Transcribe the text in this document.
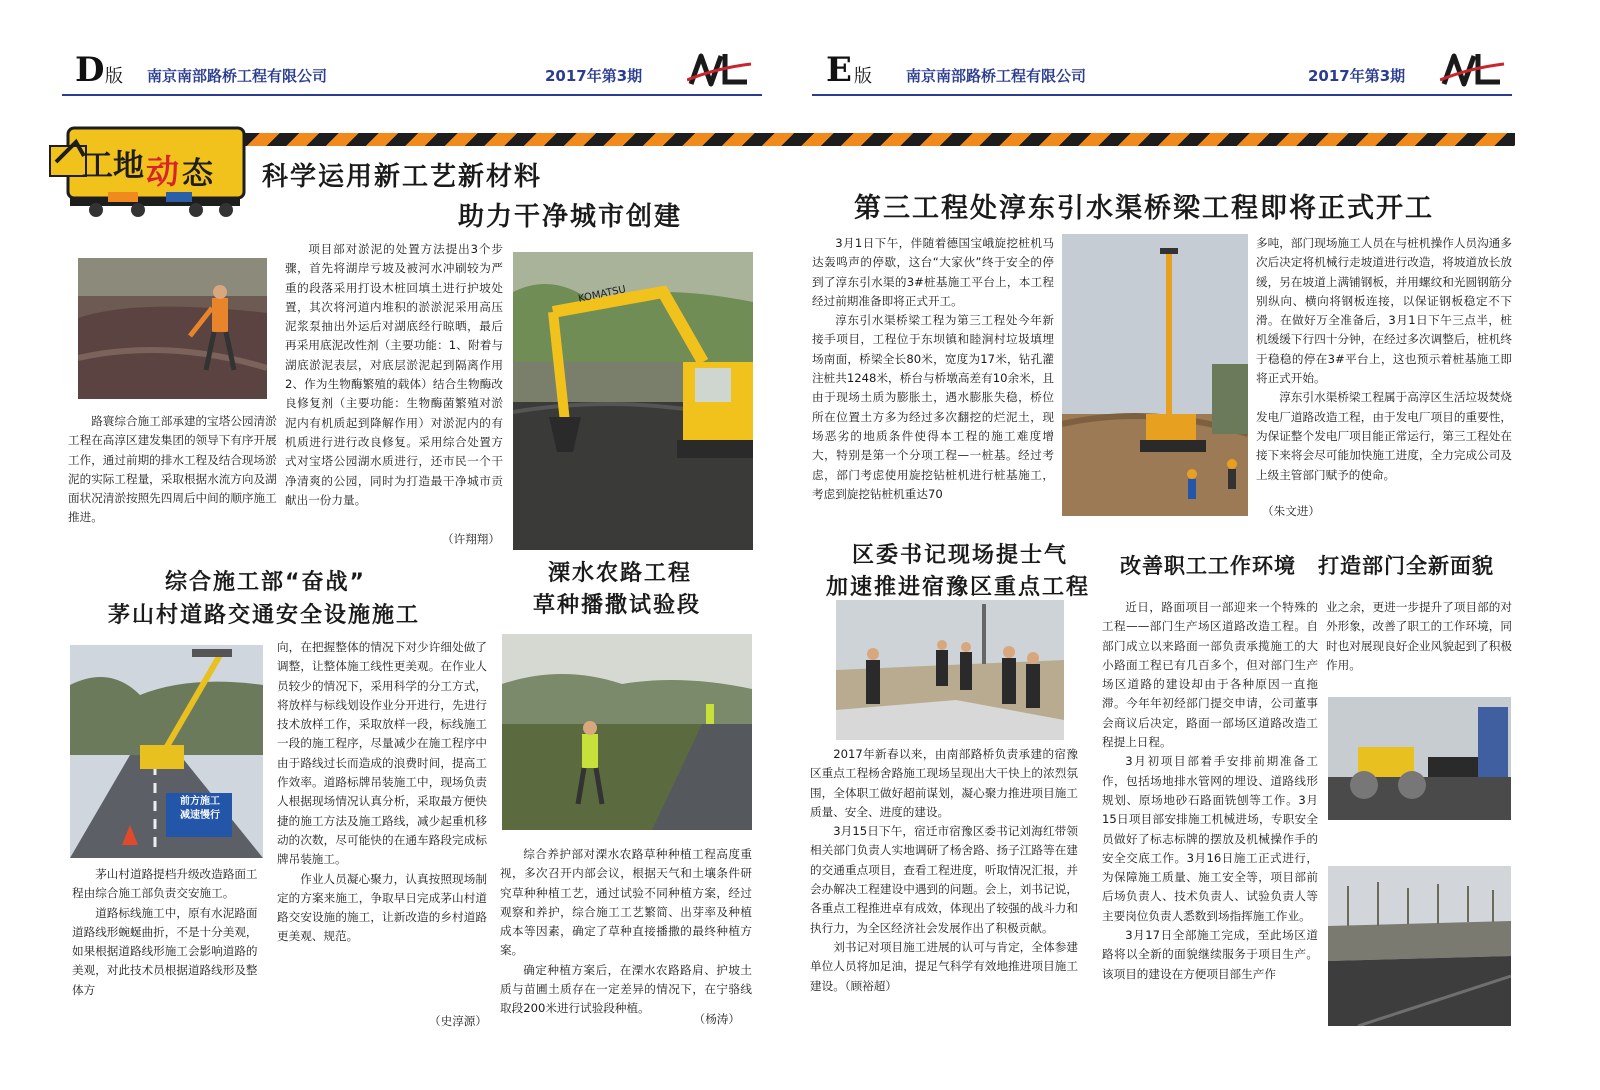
D 版 南京南部路桥工程有限公司	2017年第3期
工地 动 态 科学运用新工艺新材料
助力干净城市创建

路寰综合施工部承建的宝塔公园清淤工程在高淳区建发集团的领导下有序开展工作，通过前期的排水工程及结合现场淤泥的实际工程量，采取根据水流方向及湖面状况清淤按照先四周后中间的顺序施工推进。

项目部对淤泥的处置方法提出3个步骤，首先将湖岸亏坡及被河水冲刷较为严重的段落采用打设木桩回填土进行护坡处置，其次将河道内堆积的淤淤泥采用高压泥浆泵抽出外运后对湖底经行晾晒，最后再采用底泥改性剂（主要功能：1、附着与湖底淤泥表层，对底层淤泥起到隔离作用2、作为生物酶繁殖的载体）结合生物酶改良修复剂（主要功能：生物酶菌繁殖对淤泥内有机质起到降解作用）对淤泥内的有机质进行进行改良修复。采用综合处置方式对宝塔公园湖水质进行，还市民一个干净清爽的公园，同时为打造最干净城市贡献出一份力量。

（许翔翔）
KOMATSU
综合施工部“奋战”
茅山村道路交通安全设施施工
前方施工
减速慢行

茅山村道路提档升级改造路面工程由综合施工部负责交安施工。

道路标线施工中，原有水泥路面道路线形蜿蜒曲折，不是十分美观，如果根据道路线形施工会影响道路的美观，对此技术员根据道路线形及整体方

向，在把握整体的情况下对少许细处做了调整，让整体施工线性更美观。在作业人员较少的情况下，采用科学的分工方式，将放样与标线划设作业分开进行，先进行技术放样工作，采取放样一段，标线施工一段的施工程序，尽量减少在施工程序中由于路线过长而造成的浪费时间，提高工作效率。道路标牌吊装施工中，现场负责人根据现场情况认真分析，采取最方便快捷的施工方法及施工路线，减少起重机移动的次数，尽可能快的在通车路段完成标牌吊装施工。

作业人员凝心聚力，认真按照现场制定的方案来施工，争取早日完成茅山村道路交安设施的施工，让新改造的乡村道路更美观、规范。

（史淳源）
溧水农路工程
草种播撒试验段

综合养护部对溧水农路草种种植工程高度重视，多次召开内部会议，根据天气和土壤条件研究草种种植工艺，通过试验不同种植方案，经过观察和养护，综合施工工艺繁简、出芽率及种植成本等因素，确定了草种直接播撒的最终种植方案。

确定种植方案后，在溧水农路路肩、护坡土质与苗圃土质存在一定差异的情况下，在宁骆线取段200米进行试验段种植。

（杨涛）
E 版 南京南部路桥工程有限公司	2017年第3期
第三工程处淳东引水渠桥梁工程即将正式开工

3月1日下午，伴随着德国宝峨旋挖桩机马达轰鸣声的停歇，这台“大家伙”终于安全的停到了淳东引水渠的3#桩基施工平台上，本工程经过前期准备即将正式开工。

淳东引水渠桥梁工程为第三工程处今年新接手项目，工程位于东坝镇和睦涧村垃圾填埋场南面，桥梁全长80米，宽度为17米，钻孔灌注桩共1248米，桥台与桥墩高差有10余米，且由于现场土质为膨胀土，遇水膨胀失稳，桥位所在位置土方多为经过多次翻挖的烂泥土，现场恶劣的地质条件使得本工程的施工难度增大，特别是第一个分项工程—一桩基。经过考虑，部门考虑使用旋挖钻桩机进行桩基施工，考虑到旋挖钻桩机重达70

多吨，部门现场施工人员在与桩机操作人员沟通多次后决定将机械行走坡道进行改造，将坡道放长放缓，另在坡道上满铺钢板，并用螺纹和光圆钢筋分别纵向、横向将钢板连接，以保证钢板稳定不下滑。在做好万全准备后，3月1日下午三点半，桩机缓缓下行四十分钟，在经过多次调整后，桩机终于稳稳的停在3#平台上，这也预示着桩基施工即将正式开始。

淳东引水渠桥梁工程属于高淳区生活垃圾焚烧发电厂道路改造工程，由于发电厂项目的重要性，为保证整个发电厂项目能正常运行，第三工程处在接下来将会尽可能加快施工进度，全力完成公司及上级主管部门赋予的使命。

（朱文进）
区委书记现场提士气
加速推进宿豫区重点工程

2017年新春以来，由南部路桥负责承建的宿豫区重点工程杨舍路施工现场呈现出大干快上的浓烈氛围，全体职工做好超前谋划，凝心聚力推进项目施工质量、安全、进度的建设。

3月15日下午，宿迁市宿豫区委书记刘海红带领相关部门负责人实地调研了杨舍路、扬子江路等在建的交通重点项目，查看工程进度，听取情况汇报，并会办解决工程建设中遇到的问题。会上，刘书记说，各重点工程推进卓有成效，体现出了较强的战斗力和执行力，为全区经济社会发展作出了积极贡献。

刘书记对项目施工进展的认可与肯定，全体参建单位人员将加足油，提足气科学有效地推进项目施工建设。（顾裕超）

改善职工工作环境　打造部门全新面貌

近日，路面项目一部迎来一个特殊的工程——部门生产场区道路改造工程。自部门成立以来路面一部负责承揽施工的大小路面工程已有几百多个，但对部门生产场区道路的建设却由于各种原因一直拖滞。今年年初经部门提交申请，公司董事会商议后决定，路面一部场区道路改造工程提上日程。

3月初项目部着手安排前期准备工作，包括场地排水管网的埋设、道路线形规划、原场地砂石路面铣刨等工作。3月15日项目部安排施工机械进场，专职安全员做好了标志标牌的摆放及机械操作手的安全交底工作。3月16日施工正式进行，为保障施工质量、施工安全等，项目部前后场负责人、技术负责人、试验负责人等主要岗位负责人悉数到场指挥施工作业。

3月17日全部施工完成，至此场区道路将以全新的面貌继续服务于项目生产。该项目的建设在方便项目部生产作

业之余，更进一步提升了项目部的对外形象，改善了职工的工作环境，同时也对展现良好企业风貌起到了积极作用。
